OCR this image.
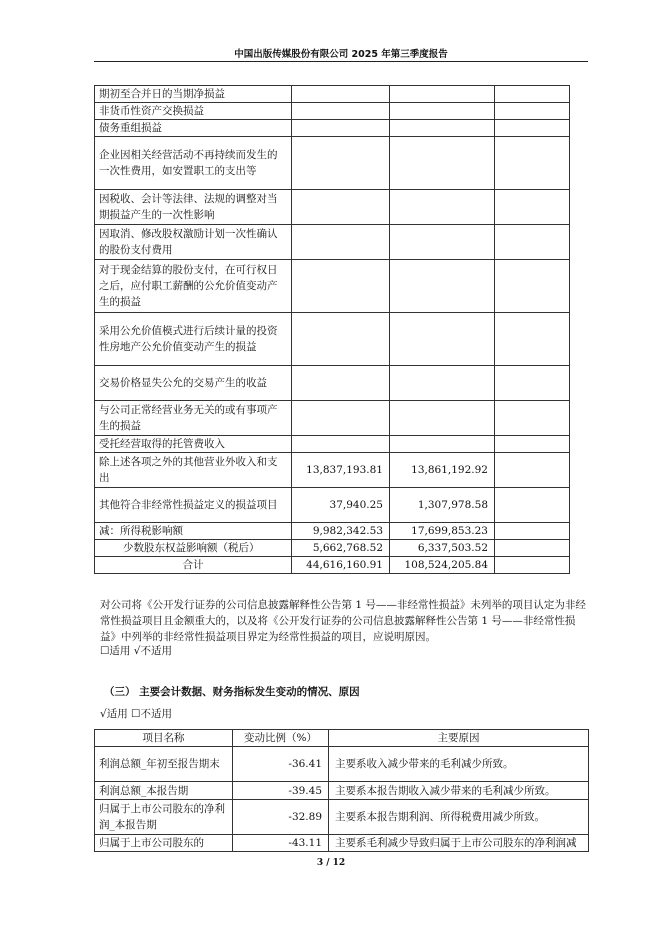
中国出版传媒股份有限公司 2025 年第三季度报告
期初至合并日的当期净损益			
非货币性资产交换损益			
债务重组损益			
企业因相关经营活动不再持续而发生的一次性费用，如安置职工的支出等			
因税收、会计等法律、法规的调整对当期损益产生的一次性影响			
因取消、修改股权激励计划一次性确认的股份支付费用			
对于现金结算的股份支付，在可行权日之后，应付职工薪酬的公允价值变动产生的损益			
采用公允价值模式进行后续计量的投资性房地产公允价值变动产生的损益			
交易价格显失公允的交易产生的收益			
与公司正常经营业务无关的或有事项产生的损益			
受托经营取得的托管费收入			
除上述各项之外的其他营业外收入和支出	13,837,193.81	13,861,192.92	
其他符合非经常性损益定义的损益项目	37,940.25	1,307,978.58	
减：所得税影响额	9,982,342.53	17,699,853.23	
少数股东权益影响额（税后）	5,662,768.52	6,337,503.52	
合计	44,616,160.91	108,524,205.84	
对公司将《公开发行证券的公司信息披露解释性公告第 1 号——非经常性损益》未列举的项目认定为非经常性损益项目且金额重大的，以及将《公开发行证券的公司信息披露解释性公告第 1 号——非经常性损益》中列举的非经常性损益项目界定为经常性损益的项目，应说明原因。
☐适用 √不适用
（三） 主要会计数据、财务指标发生变动的情况、原因
√适用 ☐不适用
项目名称	变动比例（%）	主要原因
利润总额_年初至报告期末	-36.41	主要系收入减少带来的毛利减少所致。
利润总额_本报告期	-39.45	主要系本报告期收入减少带来的毛利减少所致。
归属于上市公司股东的净利润_本报告期	-32.89	主要系本报告期利润、所得税费用减少所致。
归属于上市公司股东的	-43.11	主要系毛利减少导致归属于上市公司股东的净利润减
3 / 12
